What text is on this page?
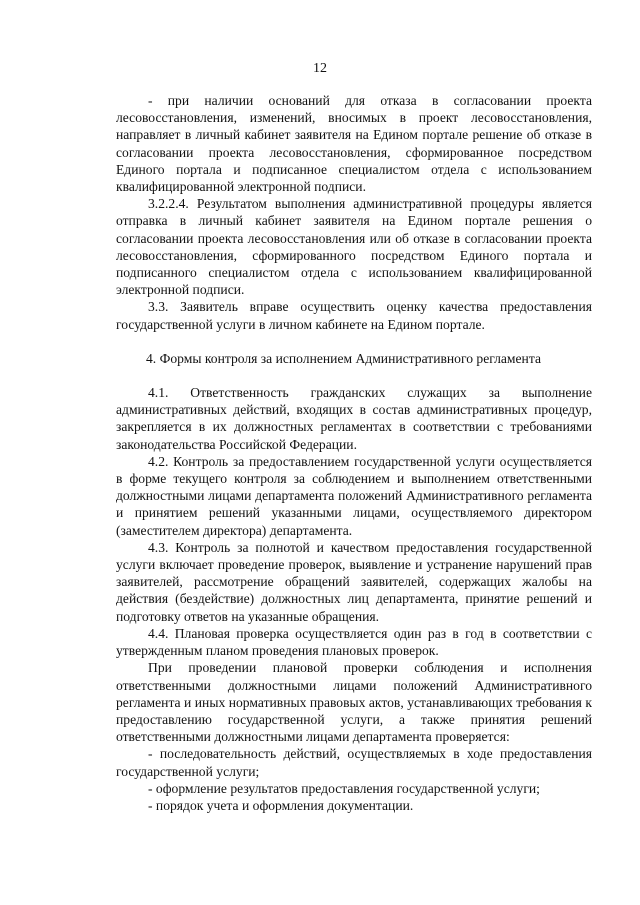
12

- при наличии оснований для отказа в согласовании проекта лесовосстановления, изменений, вносимых в проект лесовосстановления, направляет в личный кабинет заявителя на Едином портале решение об отказе в согласовании проекта лесовосстановления, сформированное посредством Единого портала и подписанное специалистом отдела с использованием квалифицированной электронной подписи.

3.2.2.4. Результатом выполнения административной процедуры является отправка в личный кабинет заявителя на Едином портале решения о согласовании проекта лесовосстановления или об отказе в согласовании проекта лесовосстановления, сформированного посредством Единого портала и подписанного специалистом отдела с использованием квалифицированной электронной подписи.

3.3. Заявитель вправе осуществить оценку качества предоставления государственной услуги в личном кабинете на Едином портале.

4. Формы контроля за исполнением Административного регламента

4.1. Ответственность гражданских служащих за выполнение административных действий, входящих в состав административных процедур, закрепляется в их должностных регламентах в соответствии с требованиями законодательства Российской Федерации.

4.2. Контроль за предоставлением государственной услуги осуществляется в форме текущего контроля за соблюдением и выполнением ответственными должностными лицами департамента положений Административного регламента и принятием решений указанными лицами, осуществляемого директором (заместителем директора) департамента.

4.3. Контроль за полнотой и качеством предоставления государственной услуги включает проведение проверок, выявление и устранение нарушений прав заявителей, рассмотрение обращений заявителей, содержащих жалобы на действия (бездействие) должностных лиц департамента, принятие решений и подготовку ответов на указанные обращения.

4.4. Плановая проверка осуществляется один раз в год в соответствии с утвержденным планом проведения плановых проверок.

При проведении плановой проверки соблюдения и исполнения ответственными должностными лицами положений Административного регламента и иных нормативных правовых актов, устанавливающих требования к предоставлению государственной услуги, а также принятия решений ответственными должностными лицами департамента проверяется:

- последовательность действий, осуществляемых в ходе предоставления государственной услуги;

- оформление результатов предоставления государственной услуги;

- порядок учета и оформления документации.
